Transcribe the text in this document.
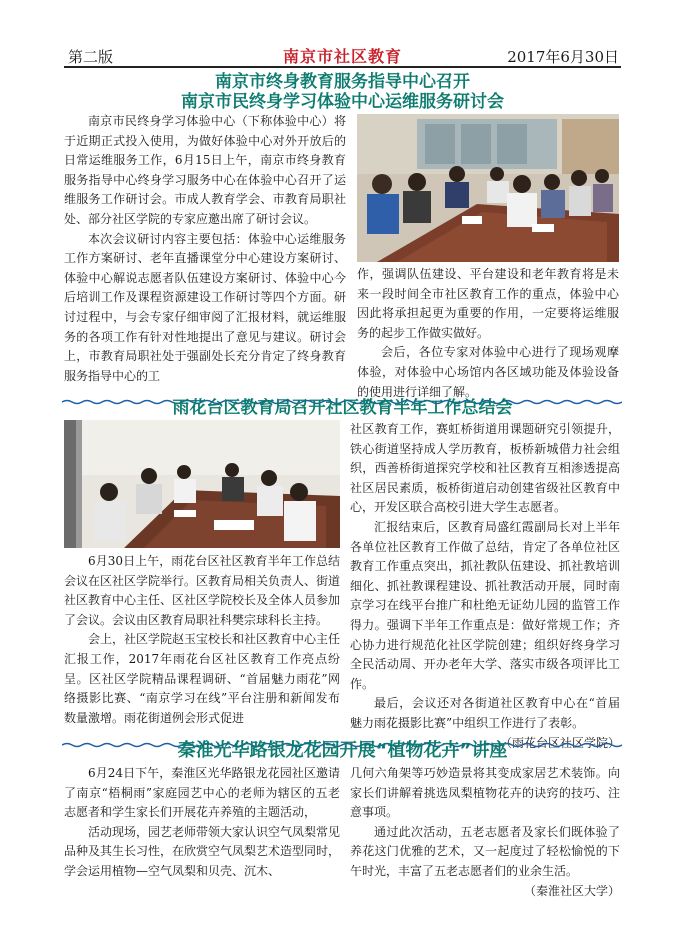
第二版	南京市社区教育	2017年6月30日
南京市终身教育服务指导中心召开
南京市民终身学习体验中心运维服务研讨会

南京市民终身学习体验中心（下称体验中心）将于近期正式投入使用，为做好体验中心对外开放后的日常运维服务工作，6月15日上午，南京市终身教育服务指导中心终身学习服务中心在体验中心召开了运维服务工作研讨会。市成人教育学会、市教育局职社处、部分社区学院的专家应邀出席了研讨会议。

本次会议研讨内容主要包括：体验中心运维服务工作方案研讨、老年直播课堂分中心建设方案研讨、体验中心解说志愿者队伍建设方案研讨、体验中心今后培训工作及课程资源建设工作研讨等四个方面。研讨过程中，与会专家仔细审阅了汇报材料，就运维服务的各项工作有针对性地提出了意见与建议。研讨会上，市教育局职社处于强副处长充分肯定了终身教育服务指导中心的工

作，强调队伍建设、平台建设和老年教育将是未来一段时间全市社区教育工作的重点，体验中心因此将承担起更为重要的作用，一定要将运维服务的起步工作做实做好。

会后，各位专家对体验中心进行了现场观摩体验，对体验中心场馆内各区域功能及体验设备的使用进行详细了解。

雨花台区教育局召开社区教育半年工作总结会

6月30日上午，雨花台区社区教育半年工作总结会议在区社区学院举行。区教育局相关负责人、街道社区教育中心主任、区社区学院校长及全体人员参加了会议。会议由区教育局职社科樊宗球科长主持。

会上，社区学院赵玉宝校长和社区教育中心主任汇报工作，2017年雨花台区社区教育工作亮点纷呈。区社区学院精品课程调研、“首届魅力雨花”网络摄影比赛、“南京学习在线”平台注册和新闻发布数量激增。雨花街道例会形式促进

社区教育工作，赛虹桥街道用课题研究引领提升，铁心街道坚持成人学历教育，板桥新城借力社会组织，西善桥街道探究学校和社区教育互相渗透提高社区居民素质，板桥街道启动创建省级社区教育中心，开发区联合高校引进大学生志愿者。

汇报结束后，区教育局盛红霞副局长对上半年各单位社区教育工作做了总结，肯定了各单位社区教育工作重点突出，抓社教队伍建设、抓社教培训细化、抓社教课程建设、抓社教活动开展，同时南京学习在线平台推广和杜绝无证幼儿园的监管工作得力。强调下半年工作重点是：做好常规工作；齐心协力进行规范化社区学院创建；组织好终身学习全民活动周、开办老年大学、落实市级各项评比工作。

最后，会议还对各街道社区教育中心在“首届魅力雨花摄影比赛”中组织工作进行了表彰。

（雨花台区社区学院）
秦淮光华路银龙花园开展“植物花卉”讲座

6月24日下午，秦淮区光华路银龙花园社区邀请了南京“梧桐雨”家庭园艺中心的老师为辖区的五老志愿者和学生家长们开展花卉养殖的主题活动，

活动现场，园艺老师带领大家认识空气凤梨常见品种及其生长习性，在欣赏空气凤梨艺术造型同时，学会运用植物—空气凤梨和贝壳、沉木、

几何六角架等巧妙造景将其变成家居艺术装饰。向家长们讲解着挑选凤梨植物花卉的诀窍的技巧、注意事项。

通过此次活动，五老志愿者及家长们既体验了养花这门优雅的艺术，又一起度过了轻松愉悦的下午时光，丰富了五老志愿者们的业余生活。

（秦淮社区大学）
